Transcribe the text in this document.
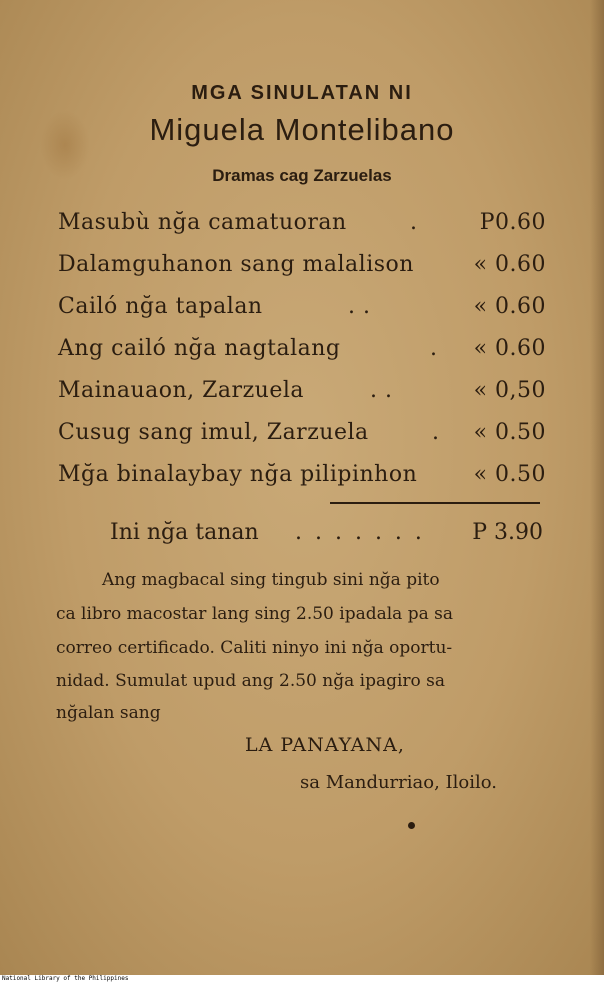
MGA SINULATAN NI
Miguela Montelibano
Dramas cag Zarzuelas
Masubù nğa camatuoran	.	P0.60
Dalamguhanon sang malalison	« 0.60
Cailó nğa tapalan	. .	« 0.60
Ang cailó nğa nagtalang	. « 0.60
Mainauaon, Zarzuela	. .	« 0,50
Cusug sang imul, Zarzuela	. « 0.50
Mğa binalaybay nğa pilipinhon	« 0.50
Ini nğa tanan . . . . . . . P 3.90
Ang magbacal sing tingub sini nğa pito
ca libro macostar lang sing 2.50 ipadala pa sa
correo certificado. Caliti ninyo ini nğa oportu-
nidad. Sumulat upud ang 2.50 nğa ipagiro sa
nğalan sang
LA PANAYANA,
sa Mandurriao, Iloilo.
National Library of the Philippines
